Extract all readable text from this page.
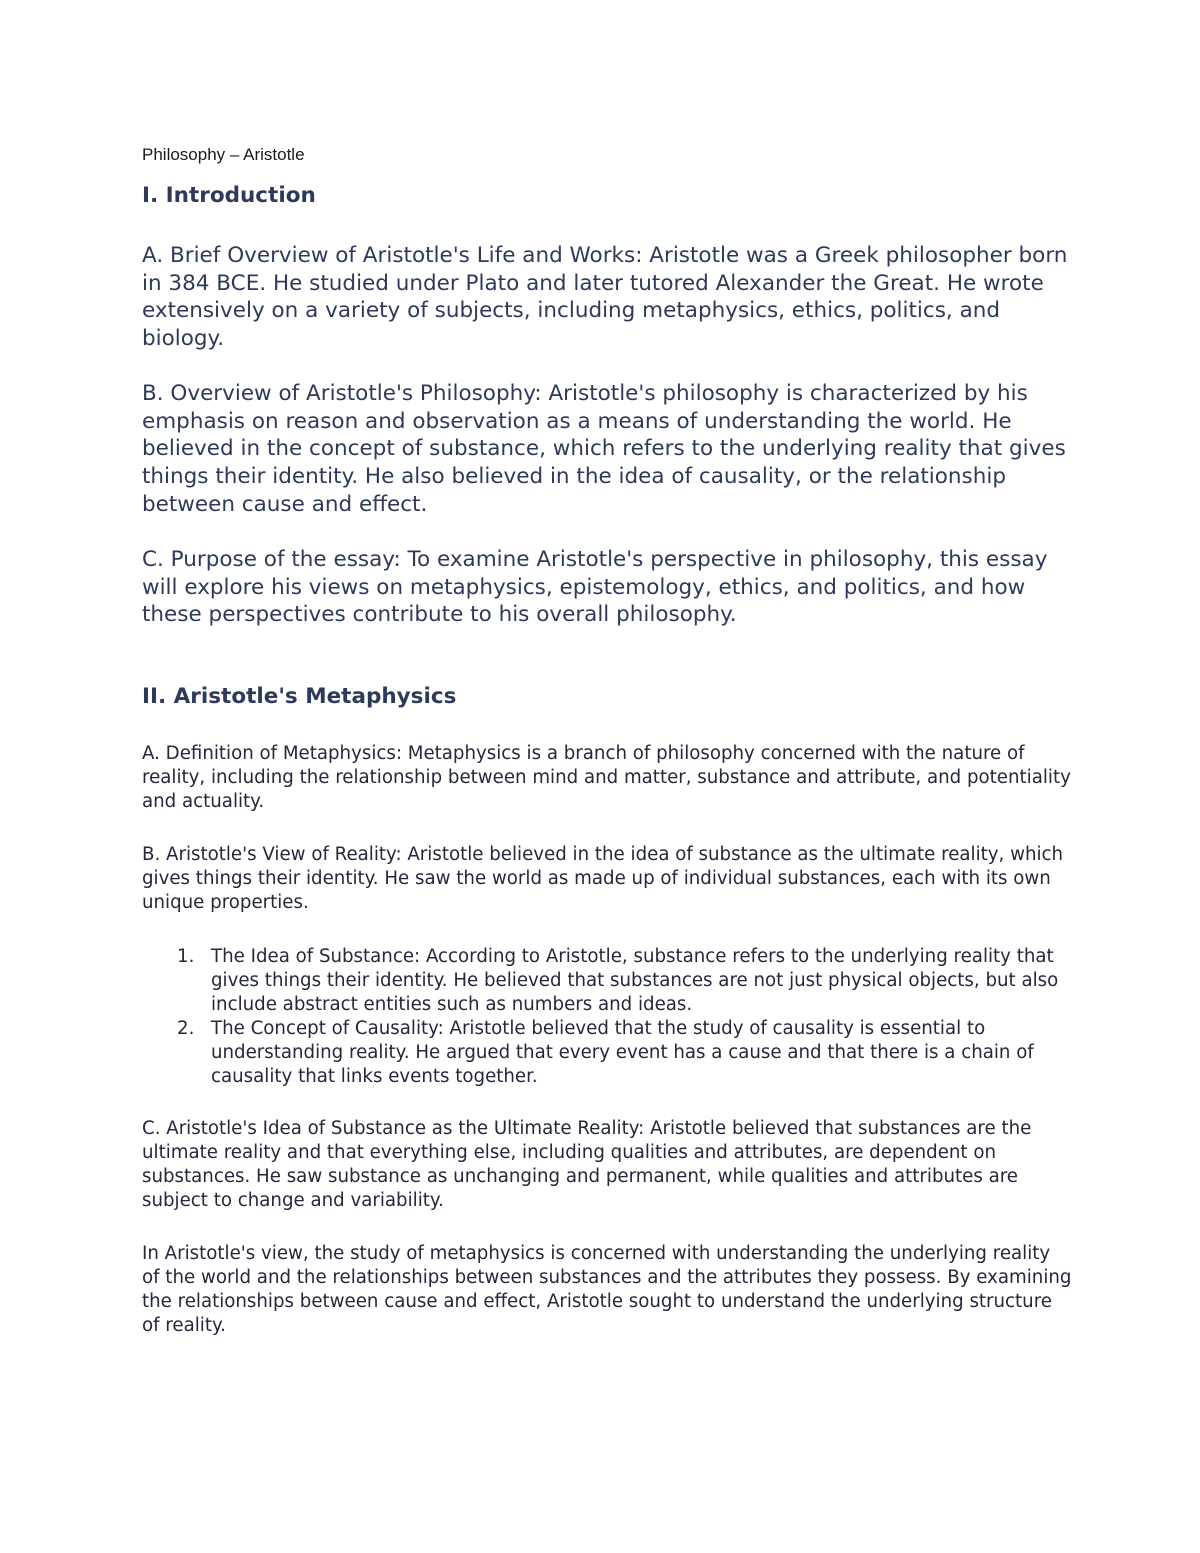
Philosophy – Aristotle
I. Introduction

A. Brief Overview of Aristotle's Life and Works: Aristotle was a Greek philosopher born in 384 BCE. He studied under Plato and later tutored Alexander the Great. He wrote extensively on a variety of subjects, including metaphysics, ethics, politics, and biology.

B. Overview of Aristotle's Philosophy: Aristotle's philosophy is characterized by his emphasis on reason and observation as a means of understanding the world. He believed in the concept of substance, which refers to the underlying reality that gives things their identity. He also believed in the idea of causality, or the relationship between cause and effect.

C. Purpose of the essay: To examine Aristotle's perspective in philosophy, this essay will explore his views on metaphysics, epistemology, ethics, and politics, and how these perspectives contribute to his overall philosophy.

II. Aristotle's Metaphysics

A. Definition of Metaphysics: Metaphysics is a branch of philosophy concerned with the nature of reality, including the relationship between mind and matter, substance and attribute, and potentiality and actuality.

B. Aristotle's View of Reality: Aristotle believed in the idea of substance as the ultimate reality, which gives things their identity. He saw the world as made up of individual substances, each with its own unique properties.

1. The Idea of Substance: According to Aristotle, substance refers to the underlying reality that gives things their identity. He believed that substances are not just physical objects, but also include abstract entities such as numbers and ideas.
2. The Concept of Causality: Aristotle believed that the study of causality is essential to understanding reality. He argued that every event has a cause and that there is a chain of causality that links events together.

C. Aristotle's Idea of Substance as the Ultimate Reality: Aristotle believed that substances are the ultimate reality and that everything else, including qualities and attributes, are dependent on substances. He saw substance as unchanging and permanent, while qualities and attributes are subject to change and variability.

In Aristotle's view, the study of metaphysics is concerned with understanding the underlying reality of the world and the relationships between substances and the attributes they possess. By examining the relationships between cause and effect, Aristotle sought to understand the underlying structure of reality.
